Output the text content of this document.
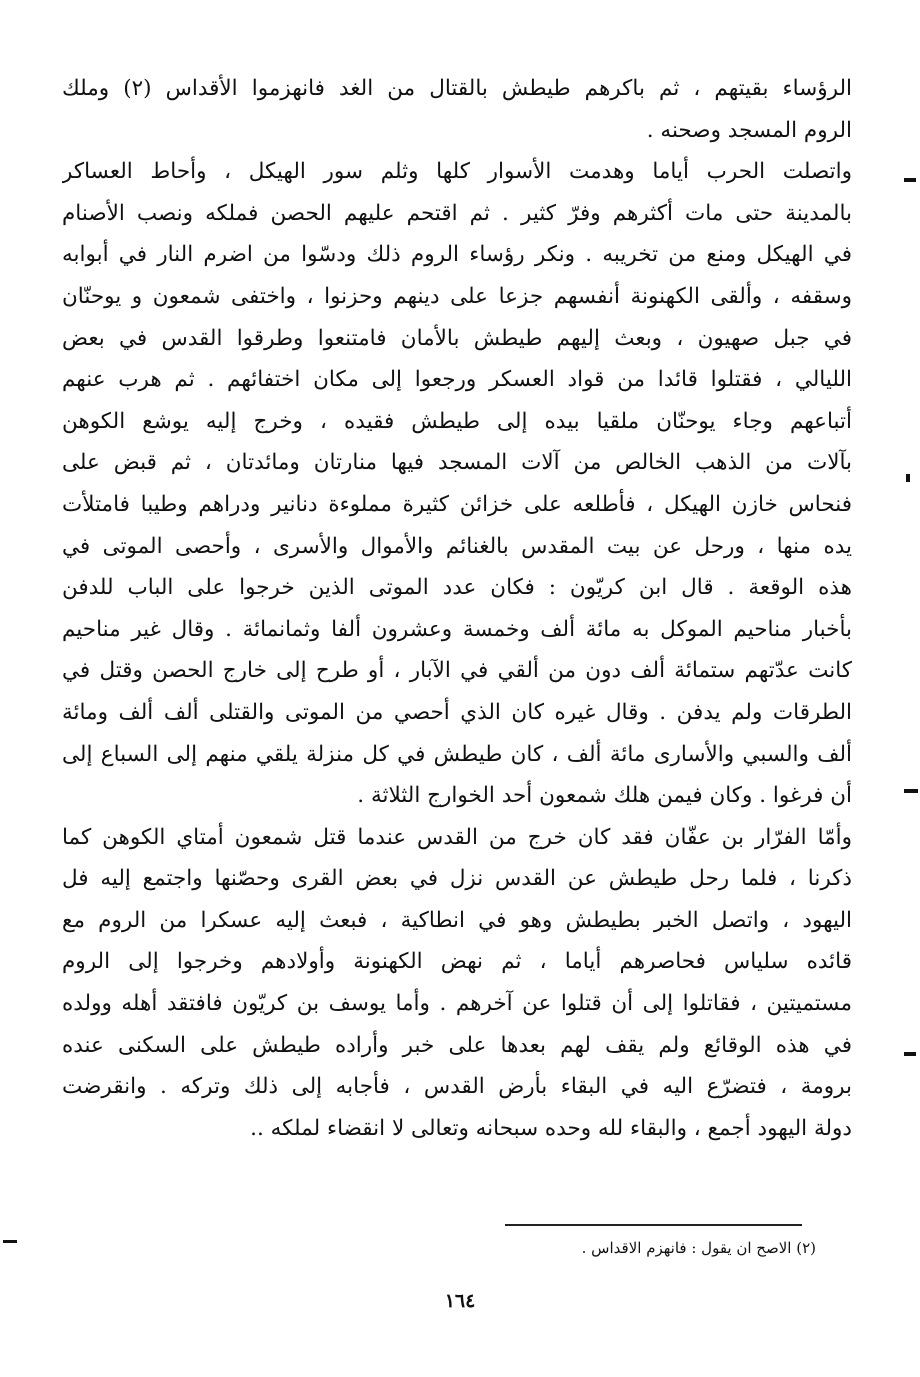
الرؤساء بقيتهم ، ثم باكرهم طيطش بالقتال من الغد فانهزموا الأقداس (٢) وملك
الروم المسجد وصحنه .
واتصلت الحرب أياما وهدمت الأسوار كلها وثلم سور الهيكل ، وأحاط العساكر
بالمدينة حتى مات أكثرهم وفرّ كثير . ثم اقتحم عليهم الحصن فملكه ونصب الأصنام
في الهيكل ومنع من تخريبه . ونكر رؤساء الروم ذلك ودسّوا من اضرم النار في أبوابه
وسقفه ، وألقى الكهنونة أنفسهم جزعا على دينهم وحزنوا ، واختفى شمعون و يوحنّان
في جبل صهيون ، وبعث إليهم طيطش بالأمان فامتنعوا وطرقوا القدس في بعض
الليالي ، فقتلوا قائدا من قواد العسكر ورجعوا إلى مكان اختفائهم . ثم هرب عنهم
أتباعهم وجاء يوحنّان ملقيا بيده إلى طيطش فقيده ، وخرج إليه يوشع الكوهن
بآلات من الذهب الخالص من آلات المسجد فيها منارتان ومائدتان ، ثم قبض على
فنحاس خازن الهيكل ، فأطلعه على خزائن كثيرة مملوءة دنانير ودراهم وطيبا فامتلأت
يده منها ، ورحل عن بيت المقدس بالغنائم والأموال والأسرى ، وأحصى الموتى في
هذه الوقعة . قال ابن كريّون : فكان عدد الموتى الذين خرجوا على الباب للدفن
بأخبار مناحيم الموكل به مائة ألف وخمسة وعشرون ألفا وثمانمائة . وقال غير مناحيم
كانت عدّتهم ستمائة ألف دون من ألقي في الآبار ، أو طرح إلى خارج الحصن وقتل في
الطرقات ولم يدفن . وقال غيره كان الذي أحصي من الموتى والقتلى ألف ألف ومائة
ألف والسبي والأسارى مائة ألف ، كان طيطش في كل منزلة يلقي منهم إلى السباع إلى
أن فرغوا . وكان فيمن هلك شمعون أحد الخوارج الثلاثة .
وأمّا الفرّار بن عفّان فقد كان خرج من القدس عندما قتل شمعون أمتاي الكوهن كما
ذكرنا ، فلما رحل طيطش عن القدس نزل في بعض القرى وحصّنها واجتمع إليه فل
اليهود ، واتصل الخبر بطيطش وهو في انطاكية ، فبعث إليه عسكرا من الروم مع
قائده سلياس فحاصرهم أياما ، ثم نهض الكهنونة وأولادهم وخرجوا إلى الروم
مستميتين ، فقاتلوا إلى أن قتلوا عن آخرهم . وأما يوسف بن كريّون فافتقد أهله وولده
في هذه الوقائع ولم يقف لهم بعدها على خبر وأراده طيطش على السكنى عنده
برومة ، فتضرّع اليه في البقاء بأرض القدس ، فأجابه إلى ذلك وتركه . وانقرضت
دولة اليهود أجمع ، والبقاء لله وحده سبحانه وتعالى لا انقضاء لملكه ..
(٢) الاصح ان يقول : فانهزم الاقداس .
١٦٤
